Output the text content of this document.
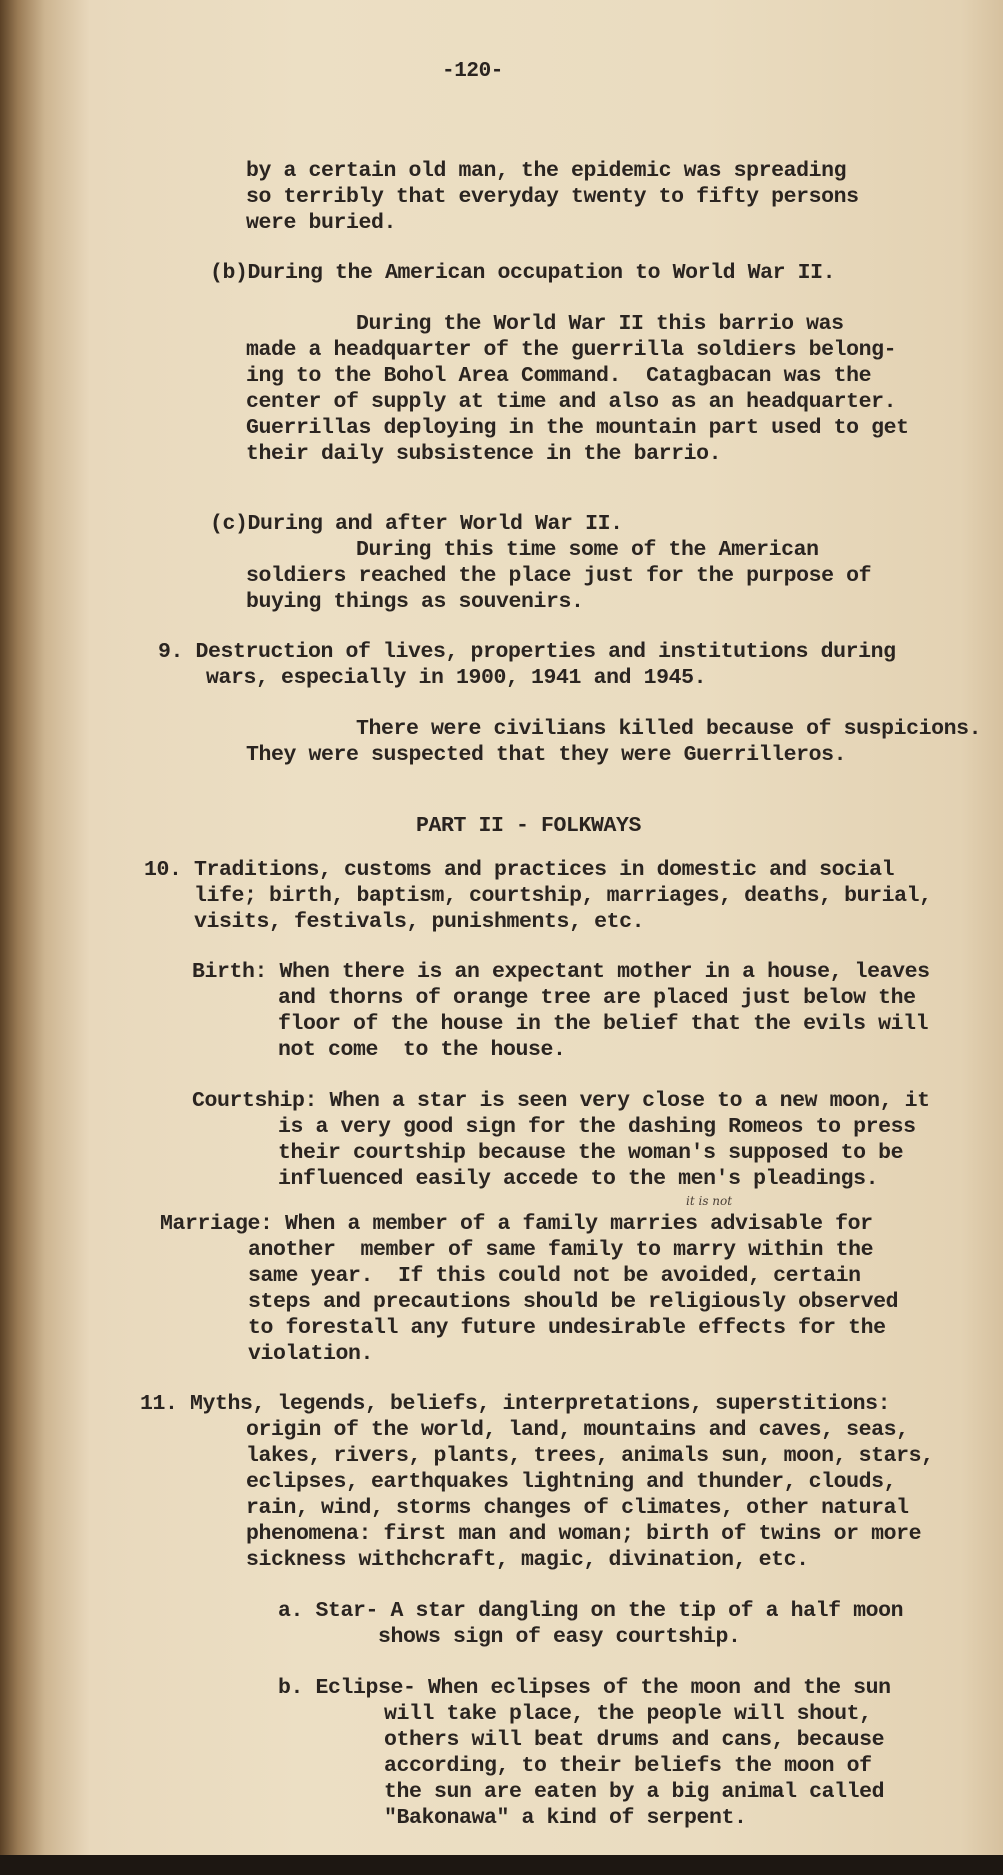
-120-
by a certain old man, the epidemic was spreading
so terribly that everyday twenty to fifty persons
were buried.
(b)During the American occupation to World War II.
During the World War II this barrio was
made a headquarter of the guerrilla soldiers belong-
ing to the Bohol Area Command.  Catagbacan was the
center of supply at time and also as an headquarter.
Guerrillas deploying in the mountain part used to get
their daily subsistence in the barrio.
(c)During and after World War II.
During this time some of the American
soldiers reached the place just for the purpose of
buying things as souvenirs.
9. Destruction of lives, properties and institutions during
wars, especially in 1900, 1941 and 1945.
There were civilians killed because of suspicions.
They were suspected that they were Guerrilleros.
PART II - FOLKWAYS
10. Traditions, customs and practices in domestic and social
life; birth, baptism, courtship, marriages, deaths, burial,
visits, festivals, punishments, etc.
Birth: When there is an expectant mother in a house, leaves
and thorns of orange tree are placed just below the
floor of the house in the belief that the evils will
not come  to the house.
Courtship: When a star is seen very close to a new moon, it
is a very good sign for the dashing Romeos to press
their courtship because the woman's supposed to be
influenced easily accede to the men's pleadings.
it is not
Marriage: When a member of a family marries advisable for
another  member of same family to marry within the
same year.  If this could not be avoided, certain
steps and precautions should be religiously observed
to forestall any future undesirable effects for the
violation.
11. Myths, legends, beliefs, interpretations, superstitions:
origin of the world, land, mountains and caves, seas,
lakes, rivers, plants, trees, animals sun, moon, stars,
eclipses, earthquakes lightning and thunder, clouds,
rain, wind, storms changes of climates, other natural
phenomena: first man and woman; birth of twins or more
sickness withchcraft, magic, divination, etc.
a. Star- A star dangling on the tip of a half moon
shows sign of easy courtship.
b. Eclipse- When eclipses of the moon and the sun
will take place, the people will shout,
others will beat drums and cans, because
according, to their beliefs the moon of
the sun are eaten by a big animal called
"Bakonawa" a kind of serpent.
